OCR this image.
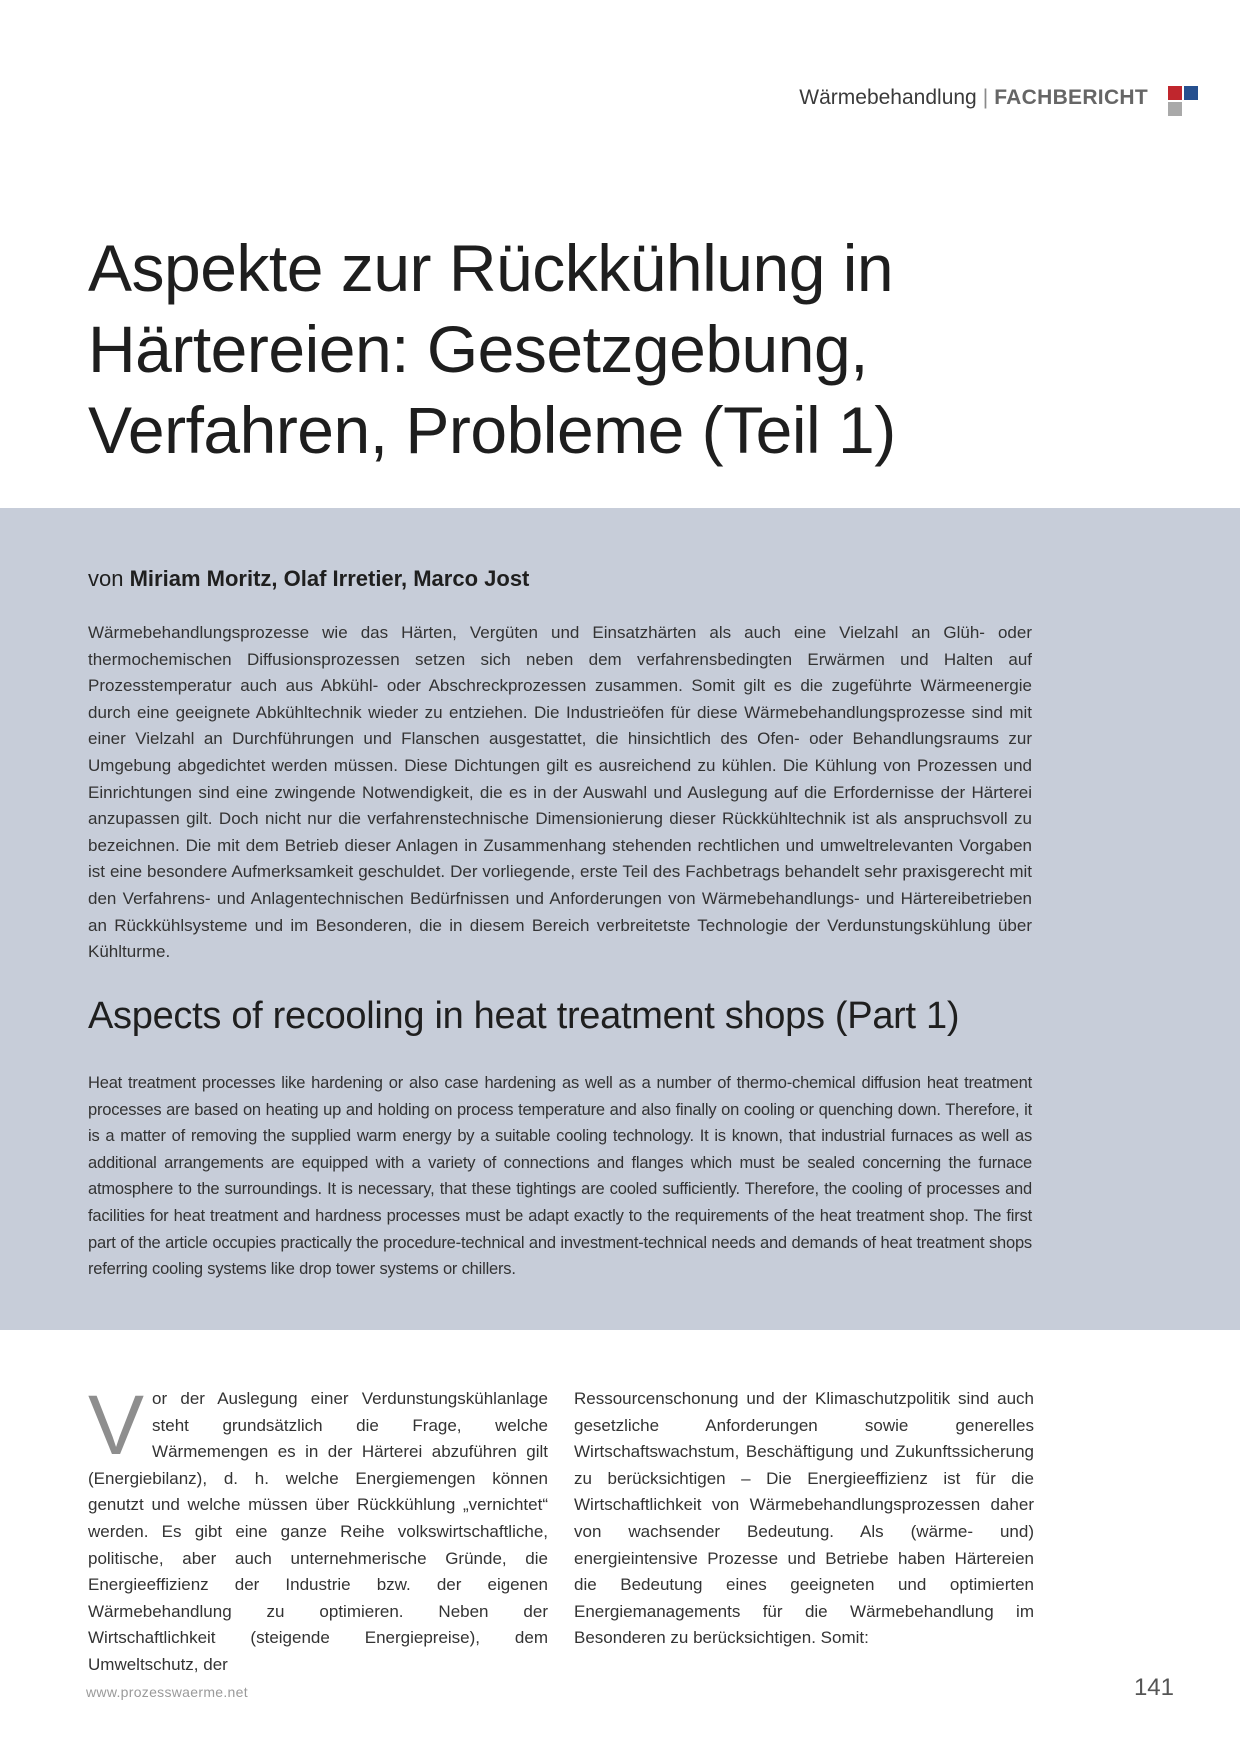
Wärmebehandlung | FACHBERICHT
Aspekte zur Rückkühlung in Härtereien: Gesetzgebung, Verfahren, Probleme (Teil 1)
von Miriam Moritz, Olaf Irretier, Marco Jost

Wärmebehandlungsprozesse wie das Härten, Vergüten und Einsatzhärten als auch eine Vielzahl an Glüh- oder thermochemischen Diffusionsprozessen setzen sich neben dem verfahrensbedingten Erwärmen und Halten auf Prozesstemperatur auch aus Abkühl- oder Abschreckprozessen zusammen. Somit gilt es die zugeführte Wärmeenergie durch eine geeignete Abkühltechnik wieder zu entziehen. Die Industrieöfen für diese Wärmebehandlungsprozesse sind mit einer Vielzahl an Durchführungen und Flanschen ausgestattet, die hinsichtlich des Ofen- oder Behandlungsraums zur Umgebung abgedichtet werden müssen. Diese Dichtungen gilt es ausreichend zu kühlen. Die Kühlung von Prozessen und Einrichtungen sind eine zwingende Notwendigkeit, die es in der Auswahl und Auslegung auf die Erfordernisse der Härterei anzupassen gilt. Doch nicht nur die verfahrenstechnische Dimensionierung dieser Rückkühltechnik ist als anspruchsvoll zu bezeichnen. Die mit dem Betrieb dieser Anlagen in Zusammenhang stehenden rechtlichen und umweltrelevanten Vorgaben ist eine besondere Aufmerksamkeit geschuldet. Der vorliegende, erste Teil des Fachbetrags behandelt sehr praxisgerecht mit den Verfahrens- und Anlagentechnischen Bedürfnissen und Anforderungen von Wärmebehandlungs- und Härtereibetrieben an Rückkühlsysteme und im Besonderen, die in diesem Bereich verbreitetste Technologie der Verdunstungskühlung über Kühlturme.

Aspects of recooling in heat treatment shops (Part 1)

Heat treatment processes like hardening or also case hardening as well as a number of thermo-chemical diffusion heat treatment processes are based on heating up and holding on process temperature and also finally on cooling or quenching down. Therefore, it is a matter of removing the supplied warm energy by a suitable cooling technology. It is known, that industrial furnaces as well as additional arrangements are equipped with a variety of connections and flanges which must be sealed concerning the furnace atmosphere to the surroundings. It is necessary, that these tightings are cooled sufficiently. Therefore, the cooling of processes and facilities for heat treatment and hardness processes must be adapt exactly to the requirements of the heat treatment shop. The first part of the article occupies practically the procedure-technical and investment-technical needs and demands of heat treatment shops referring cooling systems like drop tower systems or chillers.

V or der Auslegung einer Verdunstungskühlanlage steht grundsätzlich die Frage, welche Wärmemengen es in der Härterei abzuführen gilt (Energiebilanz), d. h. welche Energiemengen können genutzt und welche müssen über Rückkühlung „vernichtet“ werden. Es gibt eine ganze Reihe volkswirtschaftliche, politische, aber auch unternehmerische Gründe, die Energieeffizienz der Industrie bzw. der eigenen Wärmebehandlung zu optimieren. Neben der Wirtschaftlichkeit (steigende Energiepreise), dem Umweltschutz, der
Ressourcenschonung und der Klimaschutzpolitik sind auch gesetzliche Anforderungen sowie generelles Wirtschaftswachstum, Beschäftigung und Zukunftssicherung zu berücksichtigen – Die Energieeffizienz ist für die Wirtschaftlichkeit von Wärmebehandlungsprozessen daher von wachsender Bedeutung. Als (wärme- und) energieintensive Prozesse und Betriebe haben Härtereien die Bedeutung eines geeigneten und optimierten Energiemanagements für die Wärmebehandlung im Besonderen zu berücksichtigen. Somit:
www.prozesswaerme.net	141
